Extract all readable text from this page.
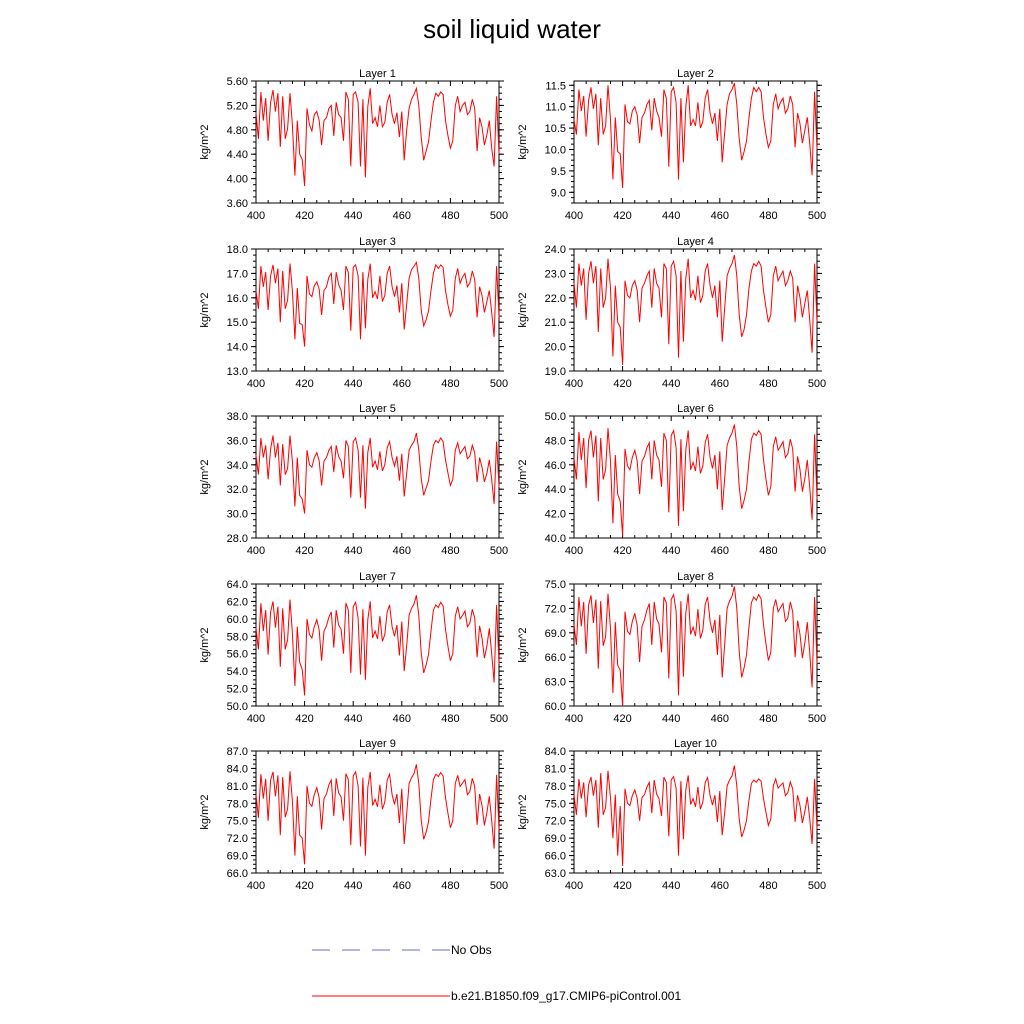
soil liquid water
Layer 1
400	420	440	460	480	500
3.60
4.00
4.40
4.80
5.20
5.60
kg/m^2
Layer 2
400	420	440	460	480	500
9.0
9.5
10.0
10.5
11.0
11.5
kg/m^2
Layer 3
400	420	440	460	480	500
13.0
14.0
15.0
16.0
17.0
18.0
kg/m^2
Layer 4
400	420	440	460	480	500
19.0
20.0
21.0
22.0
23.0
24.0
kg/m^2
Layer 5
400	420	440	460	480	500
28.0
30.0
32.0
34.0
36.0
38.0
kg/m^2
Layer 6
400	420	440	460	480	500
40.0
42.0
44.0
46.0
48.0
50.0
kg/m^2
Layer 7
400	420	440	460	480	500
50.0
52.0
54.0
56.0
58.0
60.0
62.0
64.0
kg/m^2
Layer 8
400	420	440	460	480	500
60.0
63.0
66.0
69.0
72.0
75.0
kg/m^2
Layer 9
400	420	440	460	480	500
66.0
69.0
72.0
75.0
78.0
81.0
84.0
87.0
kg/m^2
Layer 10
400	420	440	460	480	500
63.0
66.0
69.0
72.0
75.0
78.0
81.0
84.0
kg/m^2
No Obs
b.e21.B1850.f09_g17.CMIP6-piControl.001
